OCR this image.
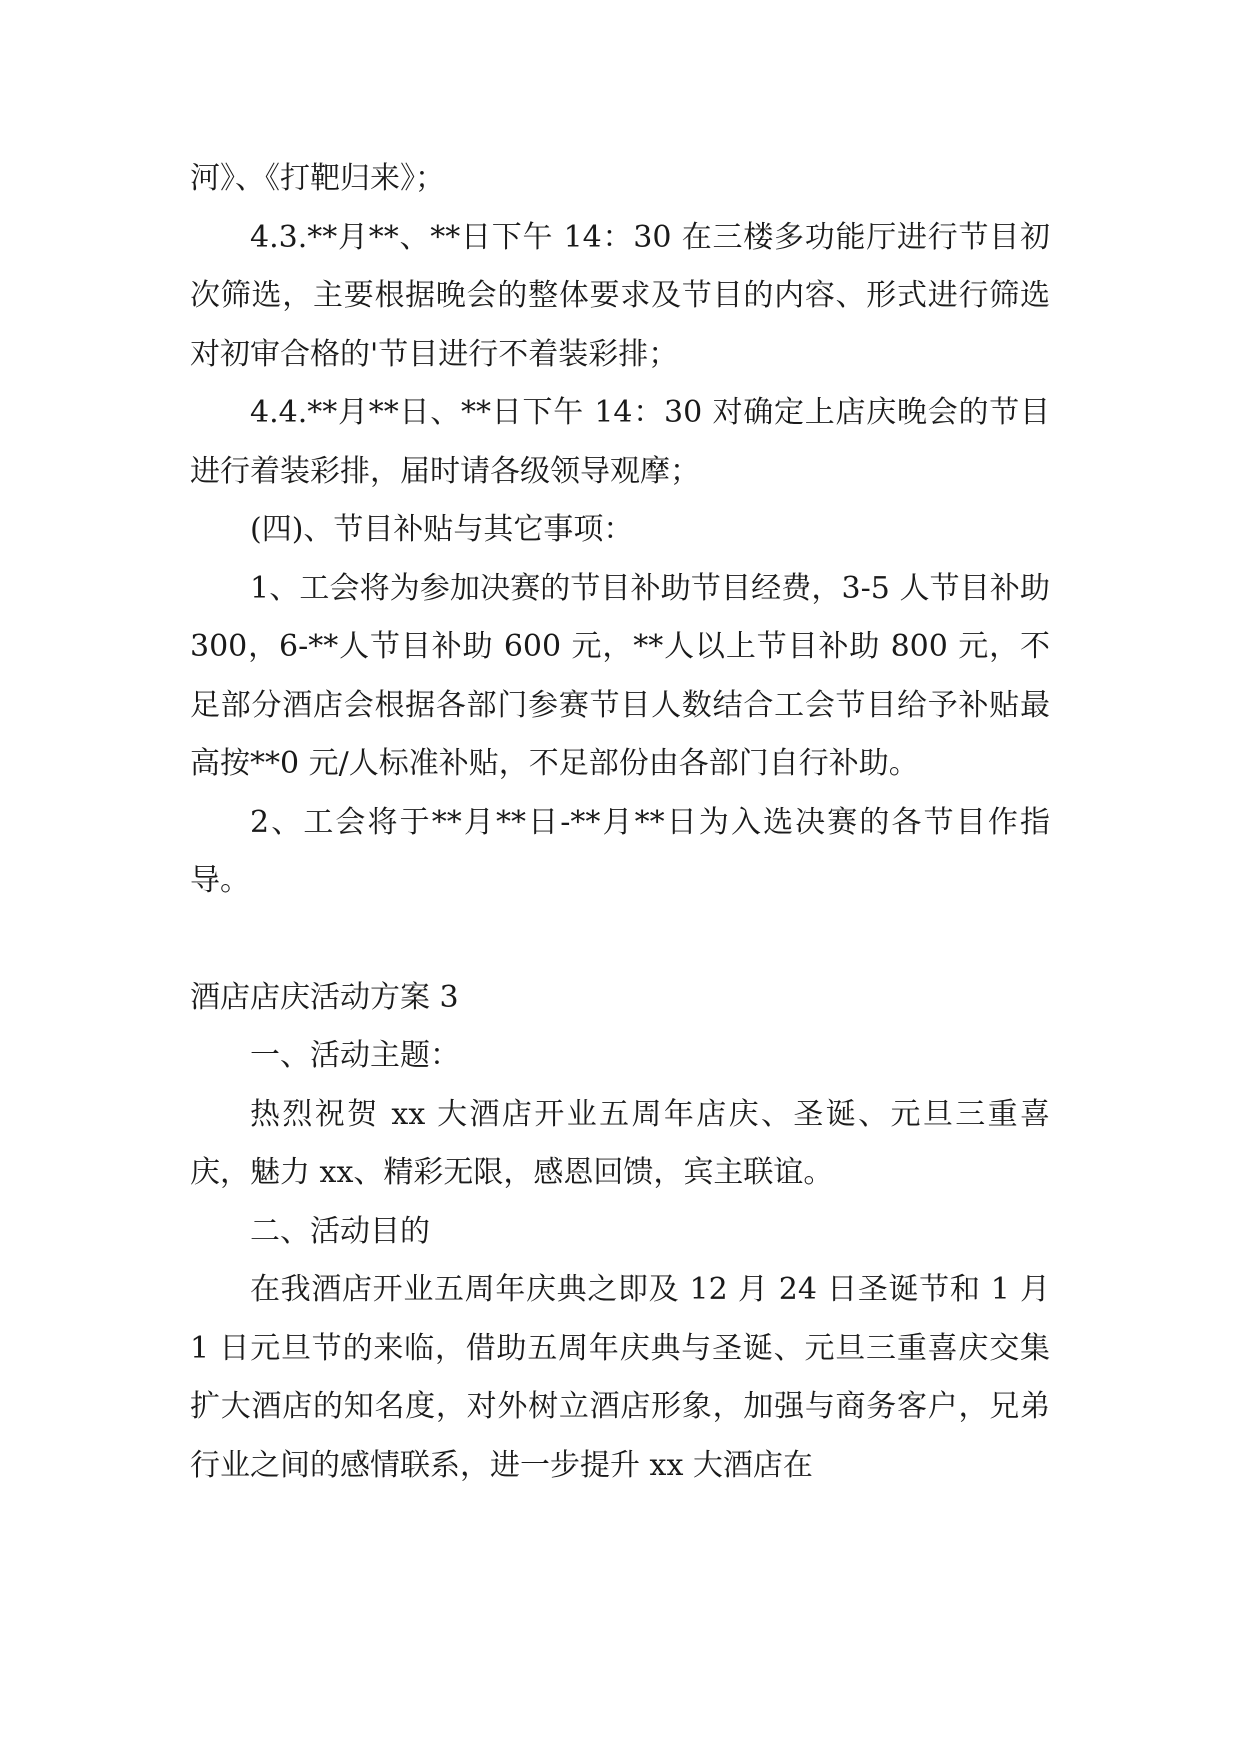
河》、《打靶归来》；

4.3.**月**、**日下午 14：30 在三楼多功能厅进行节目初次筛选，主要根据晚会的整体要求及节目的内容、形式进行筛选对初审合格的'节目进行不着装彩排；

4.4.**月**日、**日下午 14：30 对确定上店庆晚会的节目进行着装彩排，届时请各级领导观摩；

(四)、节目补贴与其它事项：

1、工会将为参加决赛的节目补助节目经费，3-5 人节目补助 300，6-**人节目补助 600 元，**人以上节目补助 800 元，不足部分酒店会根据各部门参赛节目人数结合工会节目给予补贴最高按**0 元/人标准补贴，不足部份由各部门自行补助。

2、工会将于**月**日-**月**日为入选决赛的各节目作指导。

酒店店庆活动方案 3

一、活动主题：

热烈祝贺 xx 大酒店开业五周年店庆、圣诞、元旦三重喜庆，魅力 xx、精彩无限，感恩回馈，宾主联谊。

二、活动目的

在我酒店开业五周年庆典之即及 12 月 24 日圣诞节和 1 月 1 日元旦节的来临，借助五周年庆典与圣诞、元旦三重喜庆交集扩大酒店的知名度，对外树立酒店形象，加强与商务客户，兄弟行业之间的感情联系，进一步提升 xx 大酒店在
